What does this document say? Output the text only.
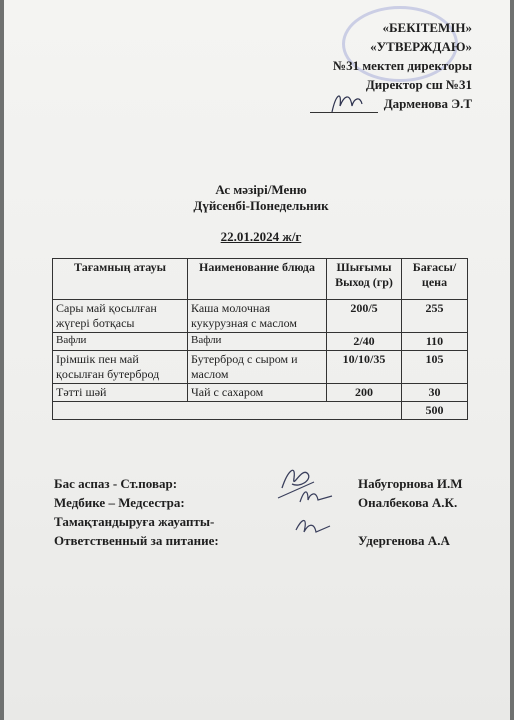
«БЕКІТЕМІН»
«УТВЕРЖДАЮ»
№31 мектеп директоры
Директор сш №31
Дарменова Э.Т
Ас мәзірі/Меню
Дүйсенбі-Понедельник
22.01.2024 ж/г
Тағамның атауы	Наименование блюда	Шығымы Выход (гр)	Бағасы/ цена
Сары май қосылған жүгері ботқасы	Каша молочная кукурузная с маслом	200/5	255
Вафли	Вафли	2/40	110
Ірімшік пен май қосылған бутерброд	Бутерброд с сыром и маслом	10/10/35	105
Тәтті шәй	Чай с сахаром	200	30
			500
Бас аспаз - Ст.повар:	Набугорнова И.М
Медбике – Медсестра:	Оналбекова А.К.
Тамақтандыруға жауапты-
Ответственный за питание:	Удергенова А.А
